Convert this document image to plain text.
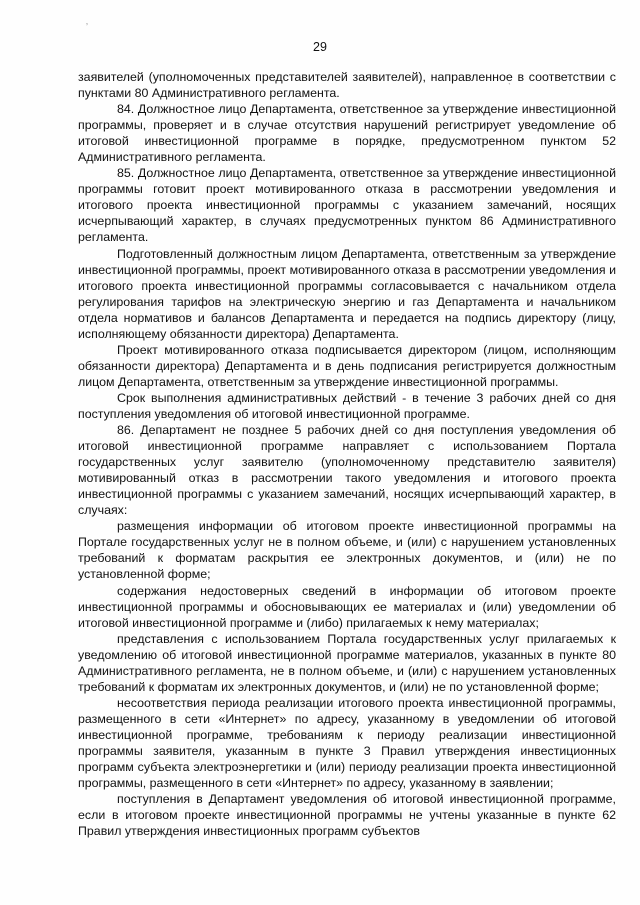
ʼ
ˋ
29

заявителей (уполномоченных представителей заявителей), направленное в соответствии с пунктами 80 Административного регламента.

84. Должностное лицо Департамента, ответственное за утверждение инвестиционной программы, проверяет и в случае отсутствия нарушений регистрирует уведомление об итоговой инвестиционной программе в порядке, предусмотренном пунктом 52 Административного регламента.

85. Должностное лицо Департамента, ответственное за утверждение инвестиционной программы готовит проект мотивированного отказа в рассмотрении уведомления и итогового проекта инвестиционной программы с указанием замечаний, носящих исчерпывающий характер, в случаях предусмотренных пунктом 86 Административного регламента.

Подготовленный должностным лицом Департамента, ответственным за утверждение инвестиционной программы, проект мотивированного отказа в рассмотрении уведомления и итогового проекта инвестиционной программы согласовывается с начальником отдела регулирования тарифов на электрическую энергию и газ Департамента и начальником отдела нормативов и балансов Департамента и передается на подпись директору (лицу, исполняющему обязанности директора) Департамента.

Проект мотивированного отказа подписывается директором (лицом, исполняющим обязанности директора) Департамента и в день подписания регистрируется должностным лицом Департамента, ответственным за утверждение инвестиционной программы.

Срок выполнения административных действий - в течение 3 рабочих дней со дня поступления уведомления об итоговой инвестиционной программе.

86. Департамент не позднее 5 рабочих дней со дня поступления уведомления об итоговой инвестиционной программе направляет с использованием Портала государственных услуг заявителю (уполномоченному представителю заявителя) мотивированный отказ в рассмотрении такого уведомления и итогового проекта инвестиционной программы с указанием замечаний, носящих исчерпывающий характер, в случаях:

размещения информации об итоговом проекте инвестиционной программы на Портале государственных услуг не в полном объеме, и (или) с нарушением установленных требований к форматам раскрытия ее электронных документов, и (или) не по установленной форме;

содержания недостоверных сведений в информации об итоговом проекте инвестиционной программы и обосновывающих ее материалах и (или) уведомлении об итоговой инвестиционной программе и (либо) прилагаемых к нему материалах;

представления с использованием Портала государственных услуг прилагаемых к уведомлению об итоговой инвестиционной программе материалов, указанных в пункте 80 Административного регламента, не в полном объеме, и (или) с нарушением установленных требований к форматам их электронных документов, и (или) не по установленной форме;

несоответствия периода реализации итогового проекта инвестиционной программы, размещенного в сети «Интернет» по адресу, указанному в уведомлении об итоговой инвестиционной программе, требованиям к периоду реализации инвестиционной программы заявителя, указанным в пункте 3 Правил утверждения инвестиционных программ субъекта электроэнергетики и (или) периоду реализации проекта инвестиционной программы, размещенного в сети «Интернет» по адресу, указанному в заявлении;

поступления в Департамент уведомления об итоговой инвестиционной программе, если в итоговом проекте инвестиционной программы не учтены указанные в пункте 62 Правил утверждения инвестиционных программ субъектов
